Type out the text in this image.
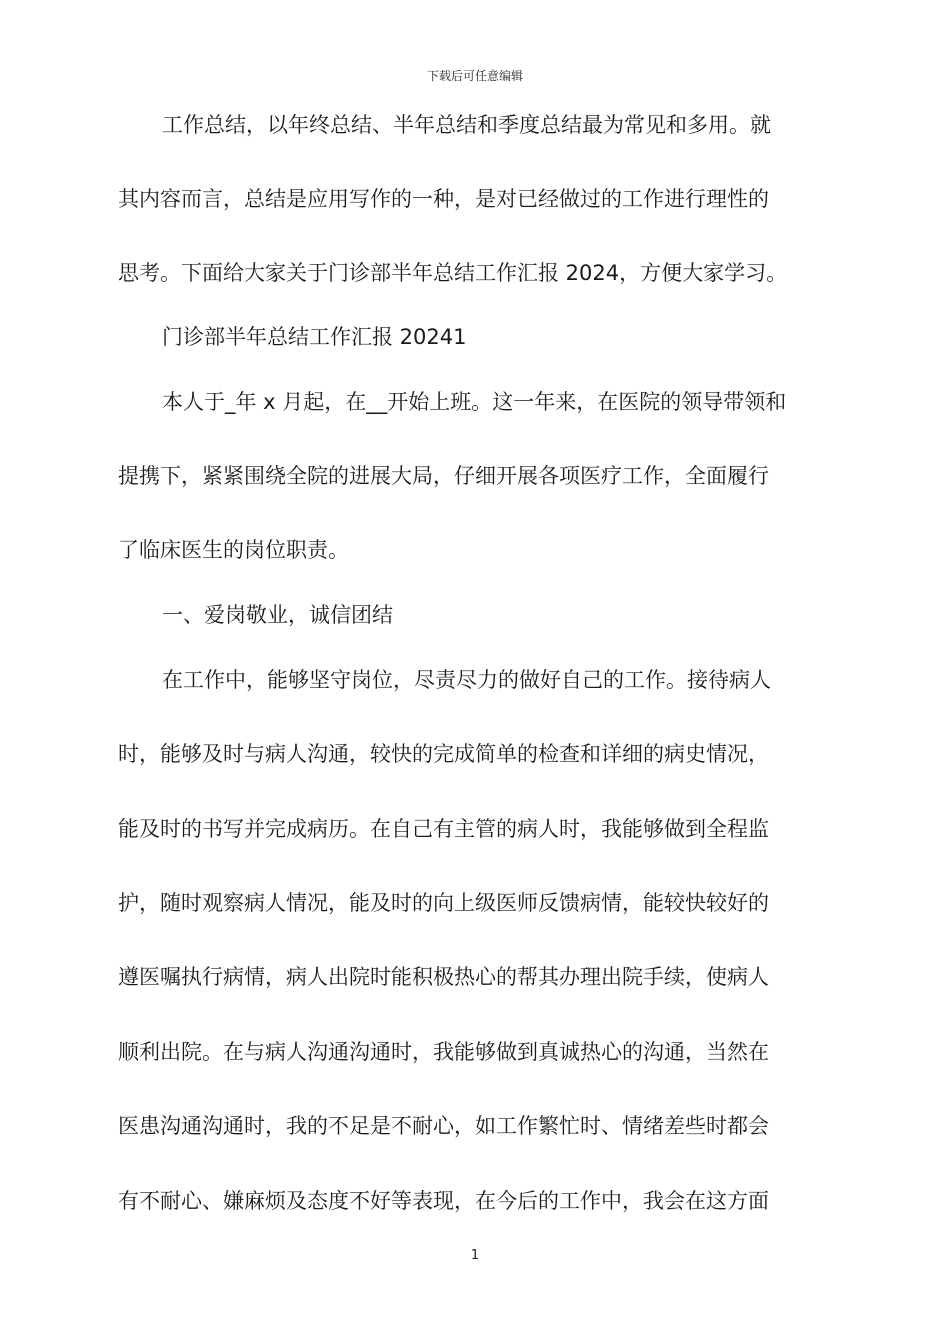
下载后可任意编辑
工作总结，以年终总结、半年总结和季度总结最为常见和多用。就
其内容而言，总结是应用写作的一种，是对已经做过的工作进行理性的
思考。下面给大家关于门诊部半年总结工作汇报 2024，方便大家学习。
门诊部半年总结工作汇报 20241
本人于_年 x 月起，在__开始上班。这一年来，在医院的领导带领和
提携下，紧紧围绕全院的进展大局，仔细开展各项医疗工作，全面履行
了临床医生的岗位职责。
一、爱岗敬业，诚信团结
在工作中，能够坚守岗位，尽责尽力的做好自己的工作。接待病人
时，能够及时与病人沟通，较快的完成简单的检查和详细的病史情况，
能及时的书写并完成病历。在自己有主管的病人时，我能够做到全程监
护，随时观察病人情况，能及时的向上级医师反馈病情，能较快较好的
遵医嘱执行病情，病人出院时能积极热心的帮其办理出院手续，使病人
顺利出院。在与病人沟通沟通时，我能够做到真诚热心的沟通，当然在
医患沟通沟通时，我的不足是不耐心，如工作繁忙时、情绪差些时都会
有不耐心、嫌麻烦及态度不好等表现，在今后的工作中，我会在这方面
1
